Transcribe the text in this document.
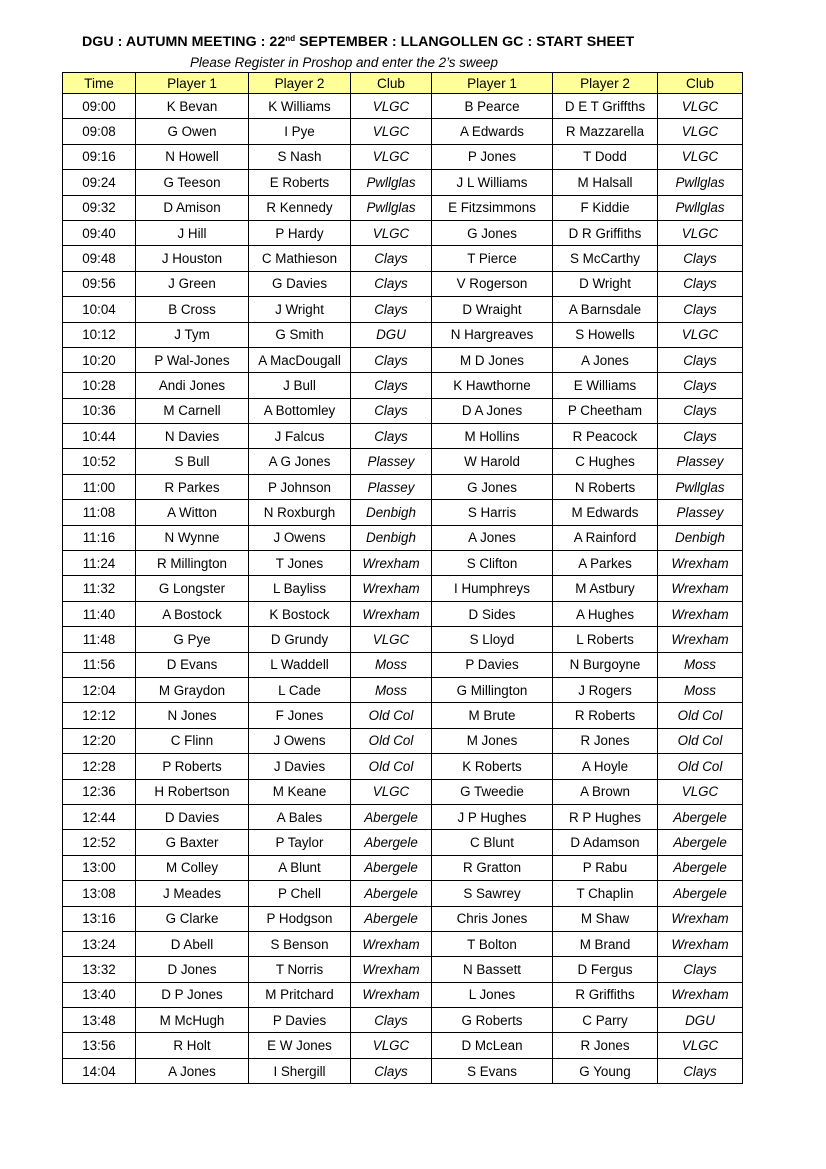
DGU : AUTUMN MEETING : 22nd SEPTEMBER : LLANGOLLEN GC : START SHEET
Please Register in Proshop and enter the 2’s sweep
Time	Player 1	Player 2	Club	Player 1	Player 2	Club
09:00	K Bevan	K Williams	VLGC	B Pearce	D E T Griffths	VLGC
09:08	G Owen	I Pye	VLGC	A Edwards	R Mazzarella	VLGC
09:16	N Howell	S Nash	VLGC	P Jones	T Dodd	VLGC
09:24	G Teeson	E Roberts	Pwllglas	J L Williams	M Halsall	Pwllglas
09:32	D Amison	R Kennedy	Pwllglas	E Fitzsimmons	F Kiddie	Pwllglas
09:40	J Hill	P Hardy	VLGC	G Jones	D R Griffiths	VLGC
09:48	J Houston	C Mathieson	Clays	T Pierce	S McCarthy	Clays
09:56	J Green	G Davies	Clays	V Rogerson	D Wright	Clays
10:04	B Cross	J Wright	Clays	D Wraight	A Barnsdale	Clays
10:12	J Tym	G Smith	DGU	N Hargreaves	S Howells	VLGC
10:20	P Wal-Jones	A MacDougall	Clays	M D Jones	A Jones	Clays
10:28	Andi Jones	J Bull	Clays	K Hawthorne	E Williams	Clays
10:36	M Carnell	A Bottomley	Clays	D A Jones	P Cheetham	Clays
10:44	N Davies	J Falcus	Clays	M Hollins	R Peacock	Clays
10:52	S Bull	A G Jones	Plassey	W Harold	C Hughes	Plassey
11:00	R Parkes	P Johnson	Plassey	G Jones	N Roberts	Pwllglas
11:08	A Witton	N Roxburgh	Denbigh	S Harris	M Edwards	Plassey
11:16	N Wynne	J Owens	Denbigh	A Jones	A Rainford	Denbigh
11:24	R Millington	T Jones	Wrexham	S Clifton	A Parkes	Wrexham
11:32	G Longster	L Bayliss	Wrexham	I Humphreys	M Astbury	Wrexham
11:40	A Bostock	K Bostock	Wrexham	D Sides	A Hughes	Wrexham
11:48	G Pye	D Grundy	VLGC	S Lloyd	L Roberts	Wrexham
11:56	D Evans	L Waddell	Moss	P Davies	N Burgoyne	Moss
12:04	M Graydon	L Cade	Moss	G Millington	J Rogers	Moss
12:12	N Jones	F Jones	Old Col	M Brute	R Roberts	Old Col
12:20	C Flinn	J Owens	Old Col	M Jones	R Jones	Old Col
12:28	P Roberts	J Davies	Old Col	K Roberts	A Hoyle	Old Col
12:36	H Robertson	M Keane	VLGC	G Tweedie	A Brown	VLGC
12:44	D Davies	A Bales	Abergele	J P Hughes	R P Hughes	Abergele
12:52	G Baxter	P Taylor	Abergele	C Blunt	D Adamson	Abergele
13:00	M Colley	A Blunt	Abergele	R Gratton	P Rabu	Abergele
13:08	J Meades	P Chell	Abergele	S Sawrey	T Chaplin	Abergele
13:16	G Clarke	P Hodgson	Abergele	Chris Jones	M Shaw	Wrexham
13:24	D Abell	S Benson	Wrexham	T Bolton	M Brand	Wrexham
13:32	D Jones	T Norris	Wrexham	N Bassett	D Fergus	Clays
13:40	D P Jones	M Pritchard	Wrexham	L Jones	R Griffiths	Wrexham
13:48	M McHugh	P Davies	Clays	G Roberts	C Parry	DGU
13:56	R Holt	E W Jones	VLGC	D McLean	R Jones	VLGC
14:04	A Jones	I Shergill	Clays	S Evans	G Young	Clays
